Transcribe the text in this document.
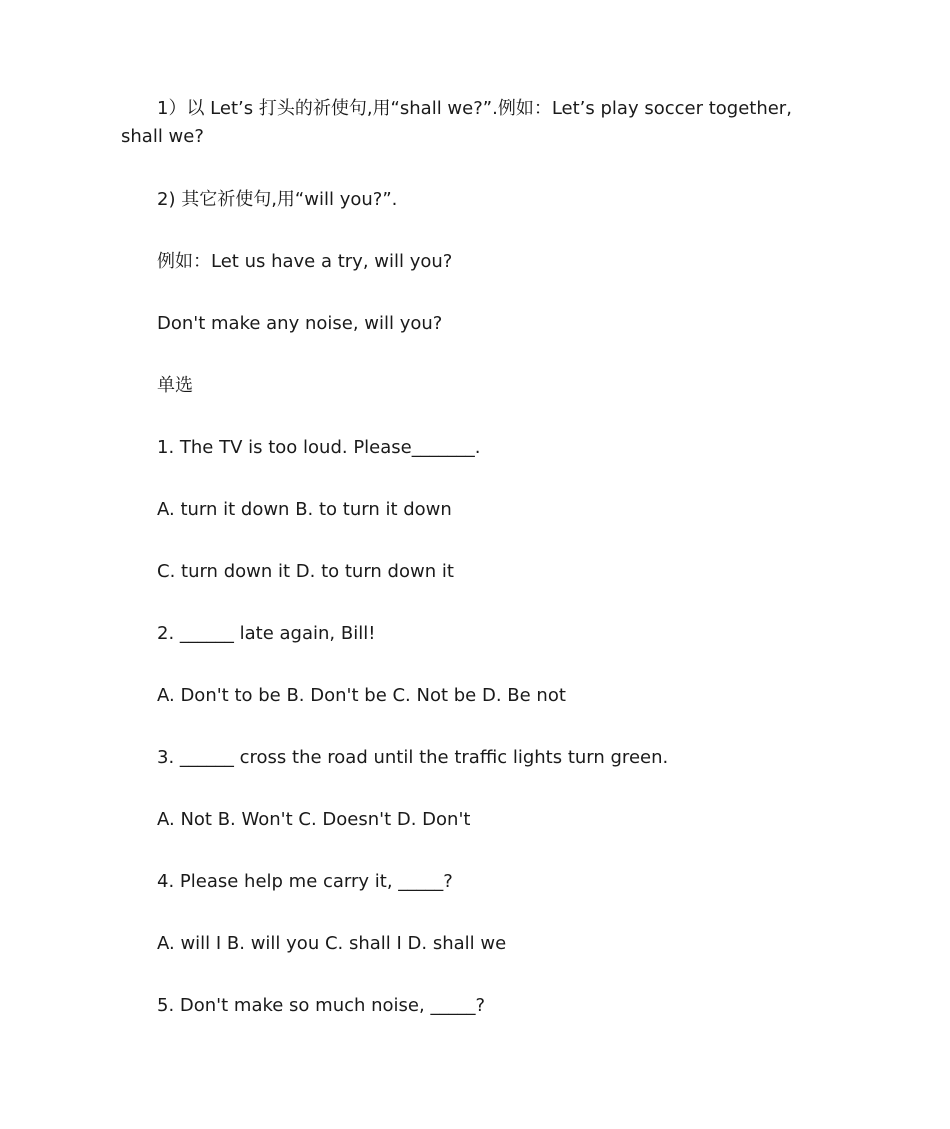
1）以 Let’s 打头的祈使句,用“shall we?”.例如：Let’s play soccer together, shall we?
2) 其它祈使句,用“will you?”.
例如：Let us have a try, will you?
Don't make any noise, will you?
单选
1. The TV is too loud. Please_______.
A. turn it down B. to turn it down
C. turn down it D. to turn down it
2. ______ late again, Bill!
A. Don't to be B. Don't be C. Not be D. Be not
3. ______ cross the road until the traffic lights turn green.
A. Not B. Won't C. Doesn't D. Don't
4. Please help me carry it, _____?
A. will I B. will you C. shall I D. shall we
5. Don't make so much noise, _____?
